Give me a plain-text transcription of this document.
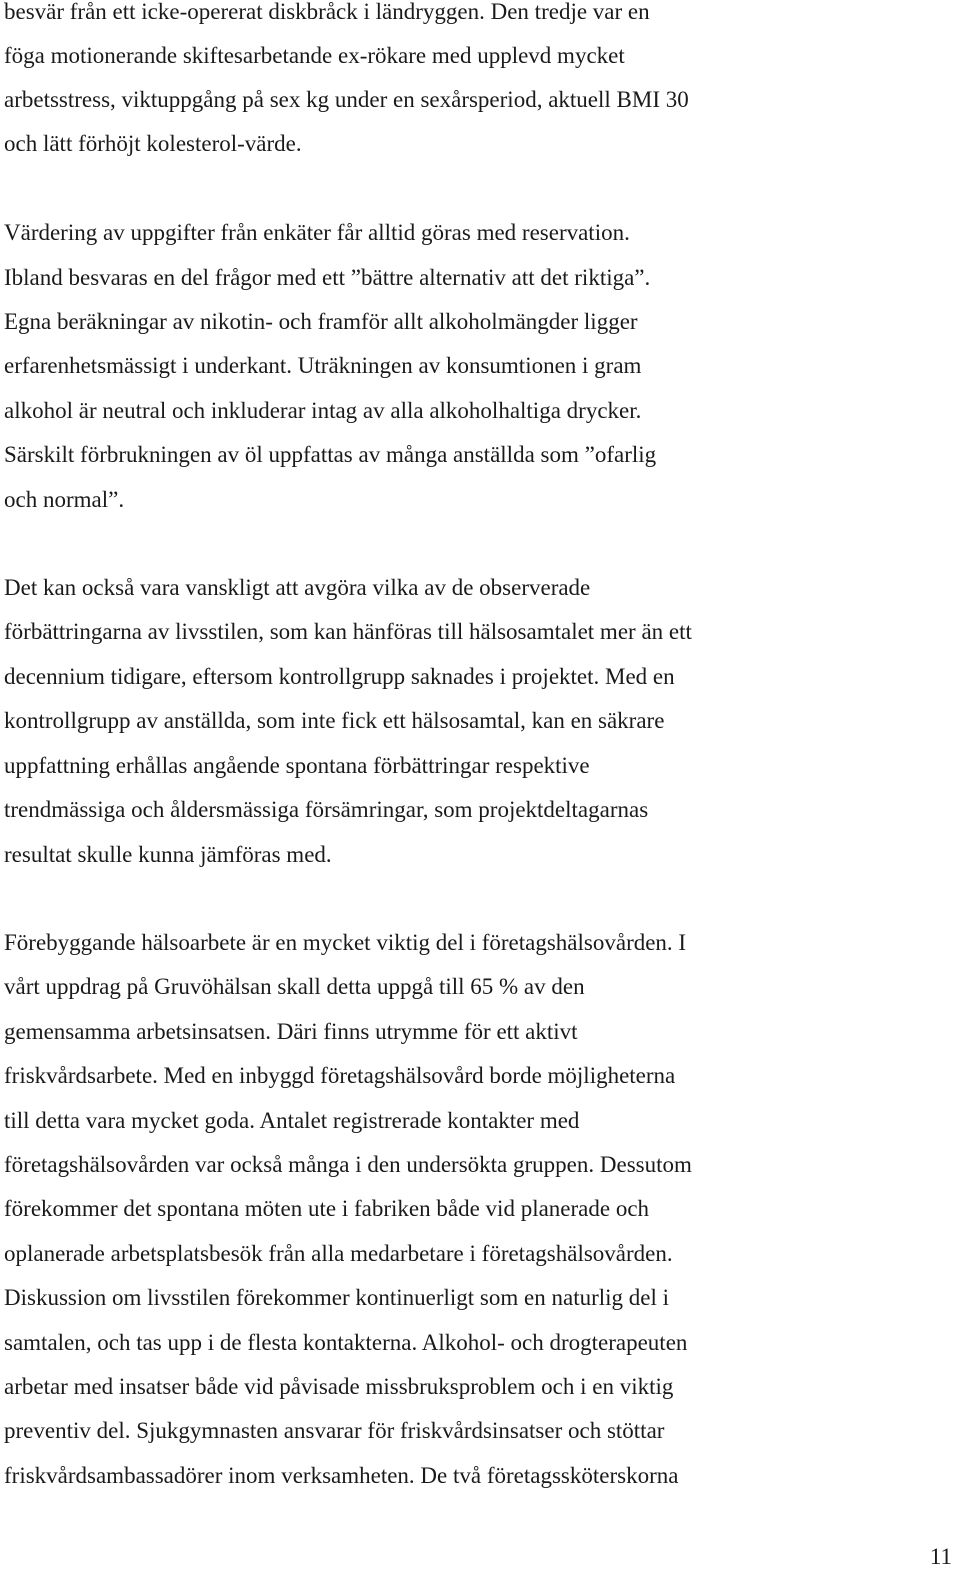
besvär från ett icke-opererat diskbråck i ländryggen. Den tredje var en
föga motionerande skiftesarbetande ex-rökare med upplevd mycket
arbetsstress, viktuppgång på sex kg under en sexårsperiod, aktuell BMI 30
och lätt förhöjt kolesterol-värde.
Värdering av uppgifter från enkäter får alltid göras med reservation.
Ibland besvaras en del frågor med ett ”bättre alternativ att det riktiga”.
Egna beräkningar av nikotin- och framför allt alkoholmängder ligger
erfarenhetsmässigt i underkant. Uträkningen av konsumtionen i gram
alkohol är neutral och inkluderar intag av alla alkoholhaltiga drycker.
Särskilt förbrukningen av öl uppfattas av många anställda som ”ofarlig
och normal”.
Det kan också vara vanskligt att avgöra vilka av de observerade
förbättringarna av livsstilen, som kan hänföras till hälsosamtalet mer än ett
decennium tidigare, eftersom kontrollgrupp saknades i projektet. Med en
kontrollgrupp av anställda, som inte fick ett hälsosamtal, kan en säkrare
uppfattning erhållas angående spontana förbättringar respektive
trendmässiga och åldersmässiga försämringar, som projektdeltagarnas
resultat skulle kunna jämföras med.
Förebyggande hälsoarbete är en mycket viktig del i företagshälsovården. I
vårt uppdrag på Gruvöhälsan skall detta uppgå till 65 % av den
gemensamma arbetsinsatsen. Däri finns utrymme för ett aktivt
friskvårdsarbete. Med en inbyggd företagshälsovård borde möjligheterna
till detta vara mycket goda. Antalet registrerade kontakter med
företagshälsovården var också många i den undersökta gruppen. Dessutom
förekommer det spontana möten ute i fabriken både vid planerade och
oplanerade arbetsplatsbesök från alla medarbetare i företagshälsovården.
Diskussion om livsstilen förekommer kontinuerligt som en naturlig del i
samtalen, och tas upp i de flesta kontakterna. Alkohol- och drogterapeuten
arbetar med insatser både vid påvisade missbruksproblem och i en viktig
preventiv del. Sjukgymnasten ansvarar för friskvårdsinsatser och stöttar
friskvårdsambassadörer inom verksamheten. De två företagssköterskorna
11
